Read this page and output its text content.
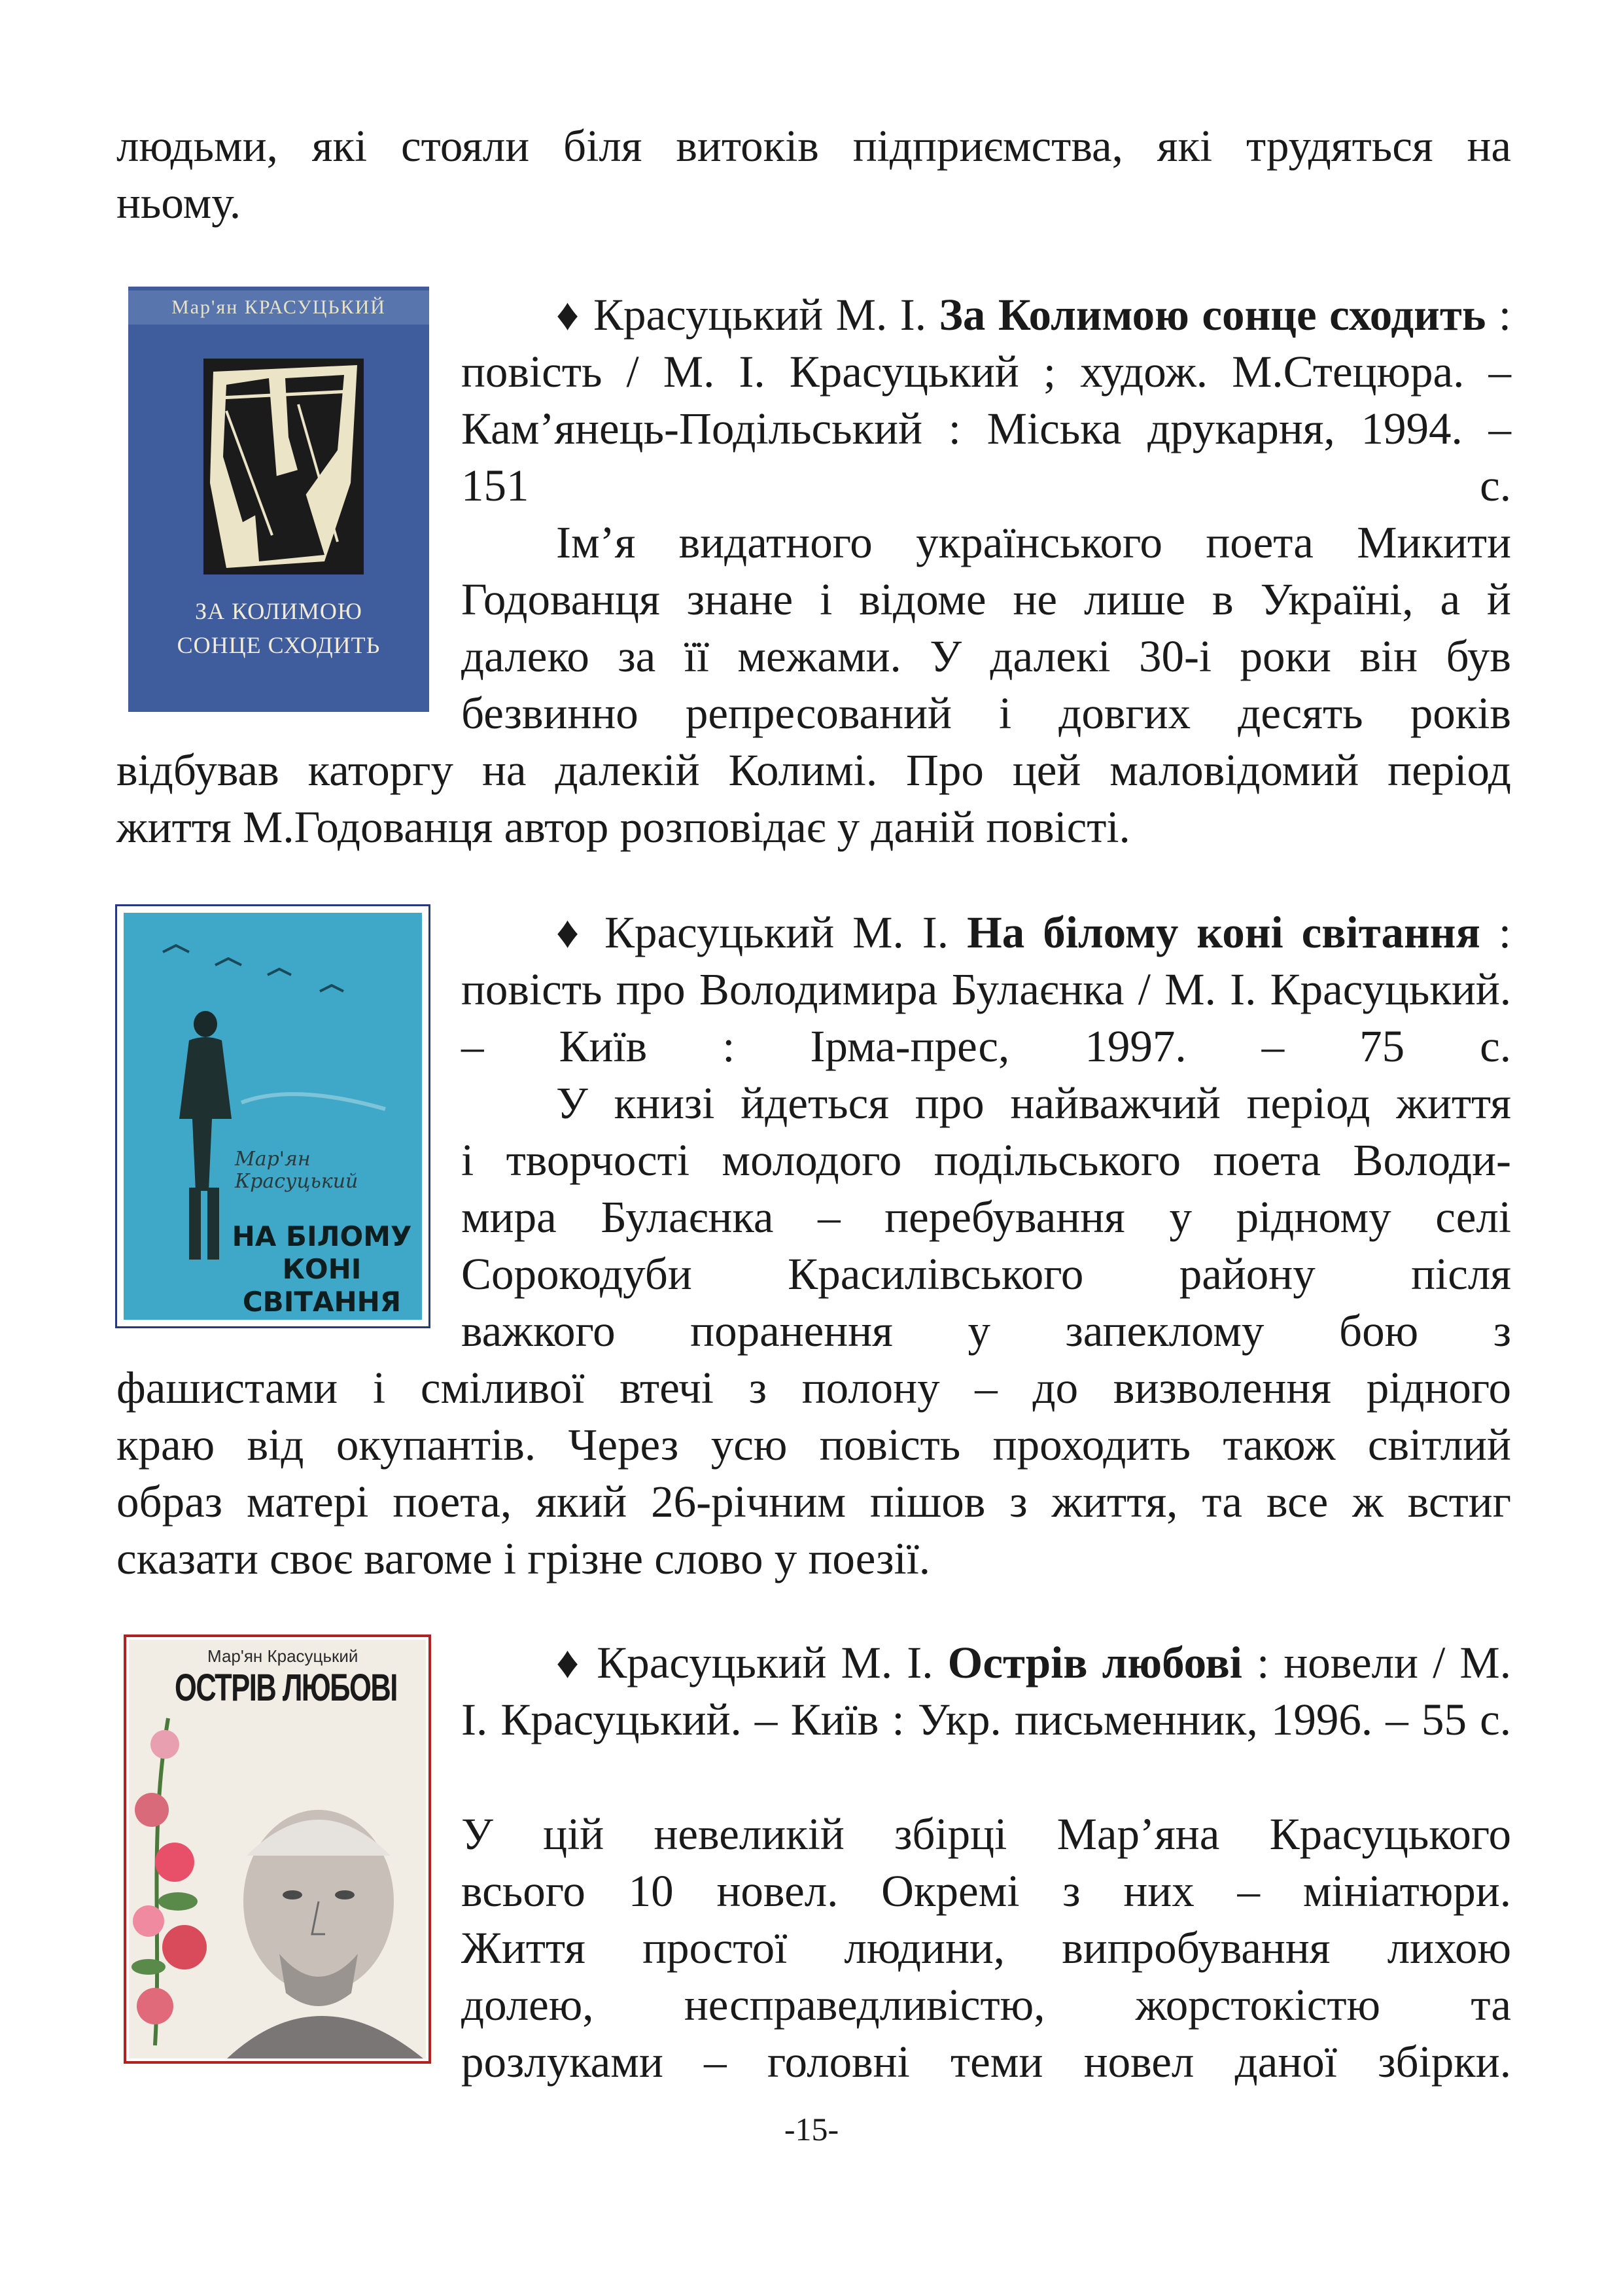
людьми, які стояли біля витоків підприємства, які трудяться на
ньому.
Мар'ян КРАСУЦЬКИЙ
ЗА КОЛИМОЮ
СОНЦЕ СХОДИТЬ
♦ Красуцький М. І. За Колимою сонце сходить : повість / М. І. Красуцький ; худож. М.Стецюра. – Кам’янець-Подільський : Міська друкарня, 1994. – 151 с.
Ім’я видатного українського поета Микити
Годованця знане і відоме не лише в Україні, а й
далеко за її межами. У далекі 30-і роки він був
безвинно репресований і довгих десять років
відбував каторгу на далекій Колимі. Про цей маловідомий період
життя М.Годованця автор розповідає у даній повісті.
Мар'ян
Красуцький
НА БІЛОМУ
КОНІ СВІТАННЯ
♦ Красуцький М. І. На білому коні світання : повість про Володимира Булаєнка / М. І. Красуцький. – Київ : Ірма-прес, 1997. – 75 с.
У книзі йдеться про найважчий період життя
і творчості молодого подільського поета Володи-
мира Булаєнка – перебування у рідному селі
Сорокодуби Красилівського району після
важкого поранення у запеклому бою з
фашистами і сміливої втечі з полону – до визволення рідного
краю від окупантів. Через усю повість проходить також світлий
образ матері поета, який 26-річним пішов з життя, та все ж встиг
сказати своє вагоме і грізне слово у поезії.
Мар'ян Красуцький
ОСТРІВ ЛЮБОВІ
♦ Красуцький М. І. Острів любові : новели / М. І. Красуцький. – Київ : Укр. письменник, 1996. – 55 с.
У цій невеликій збірці Мар’яна Красуцького
всього 10 новел. Окремі з них – мініатюри.
Життя простої людини, випробування лихою
долею, несправедливістю, жорстокістю та
розлуками – головні теми новел даної збірки.
-15-
